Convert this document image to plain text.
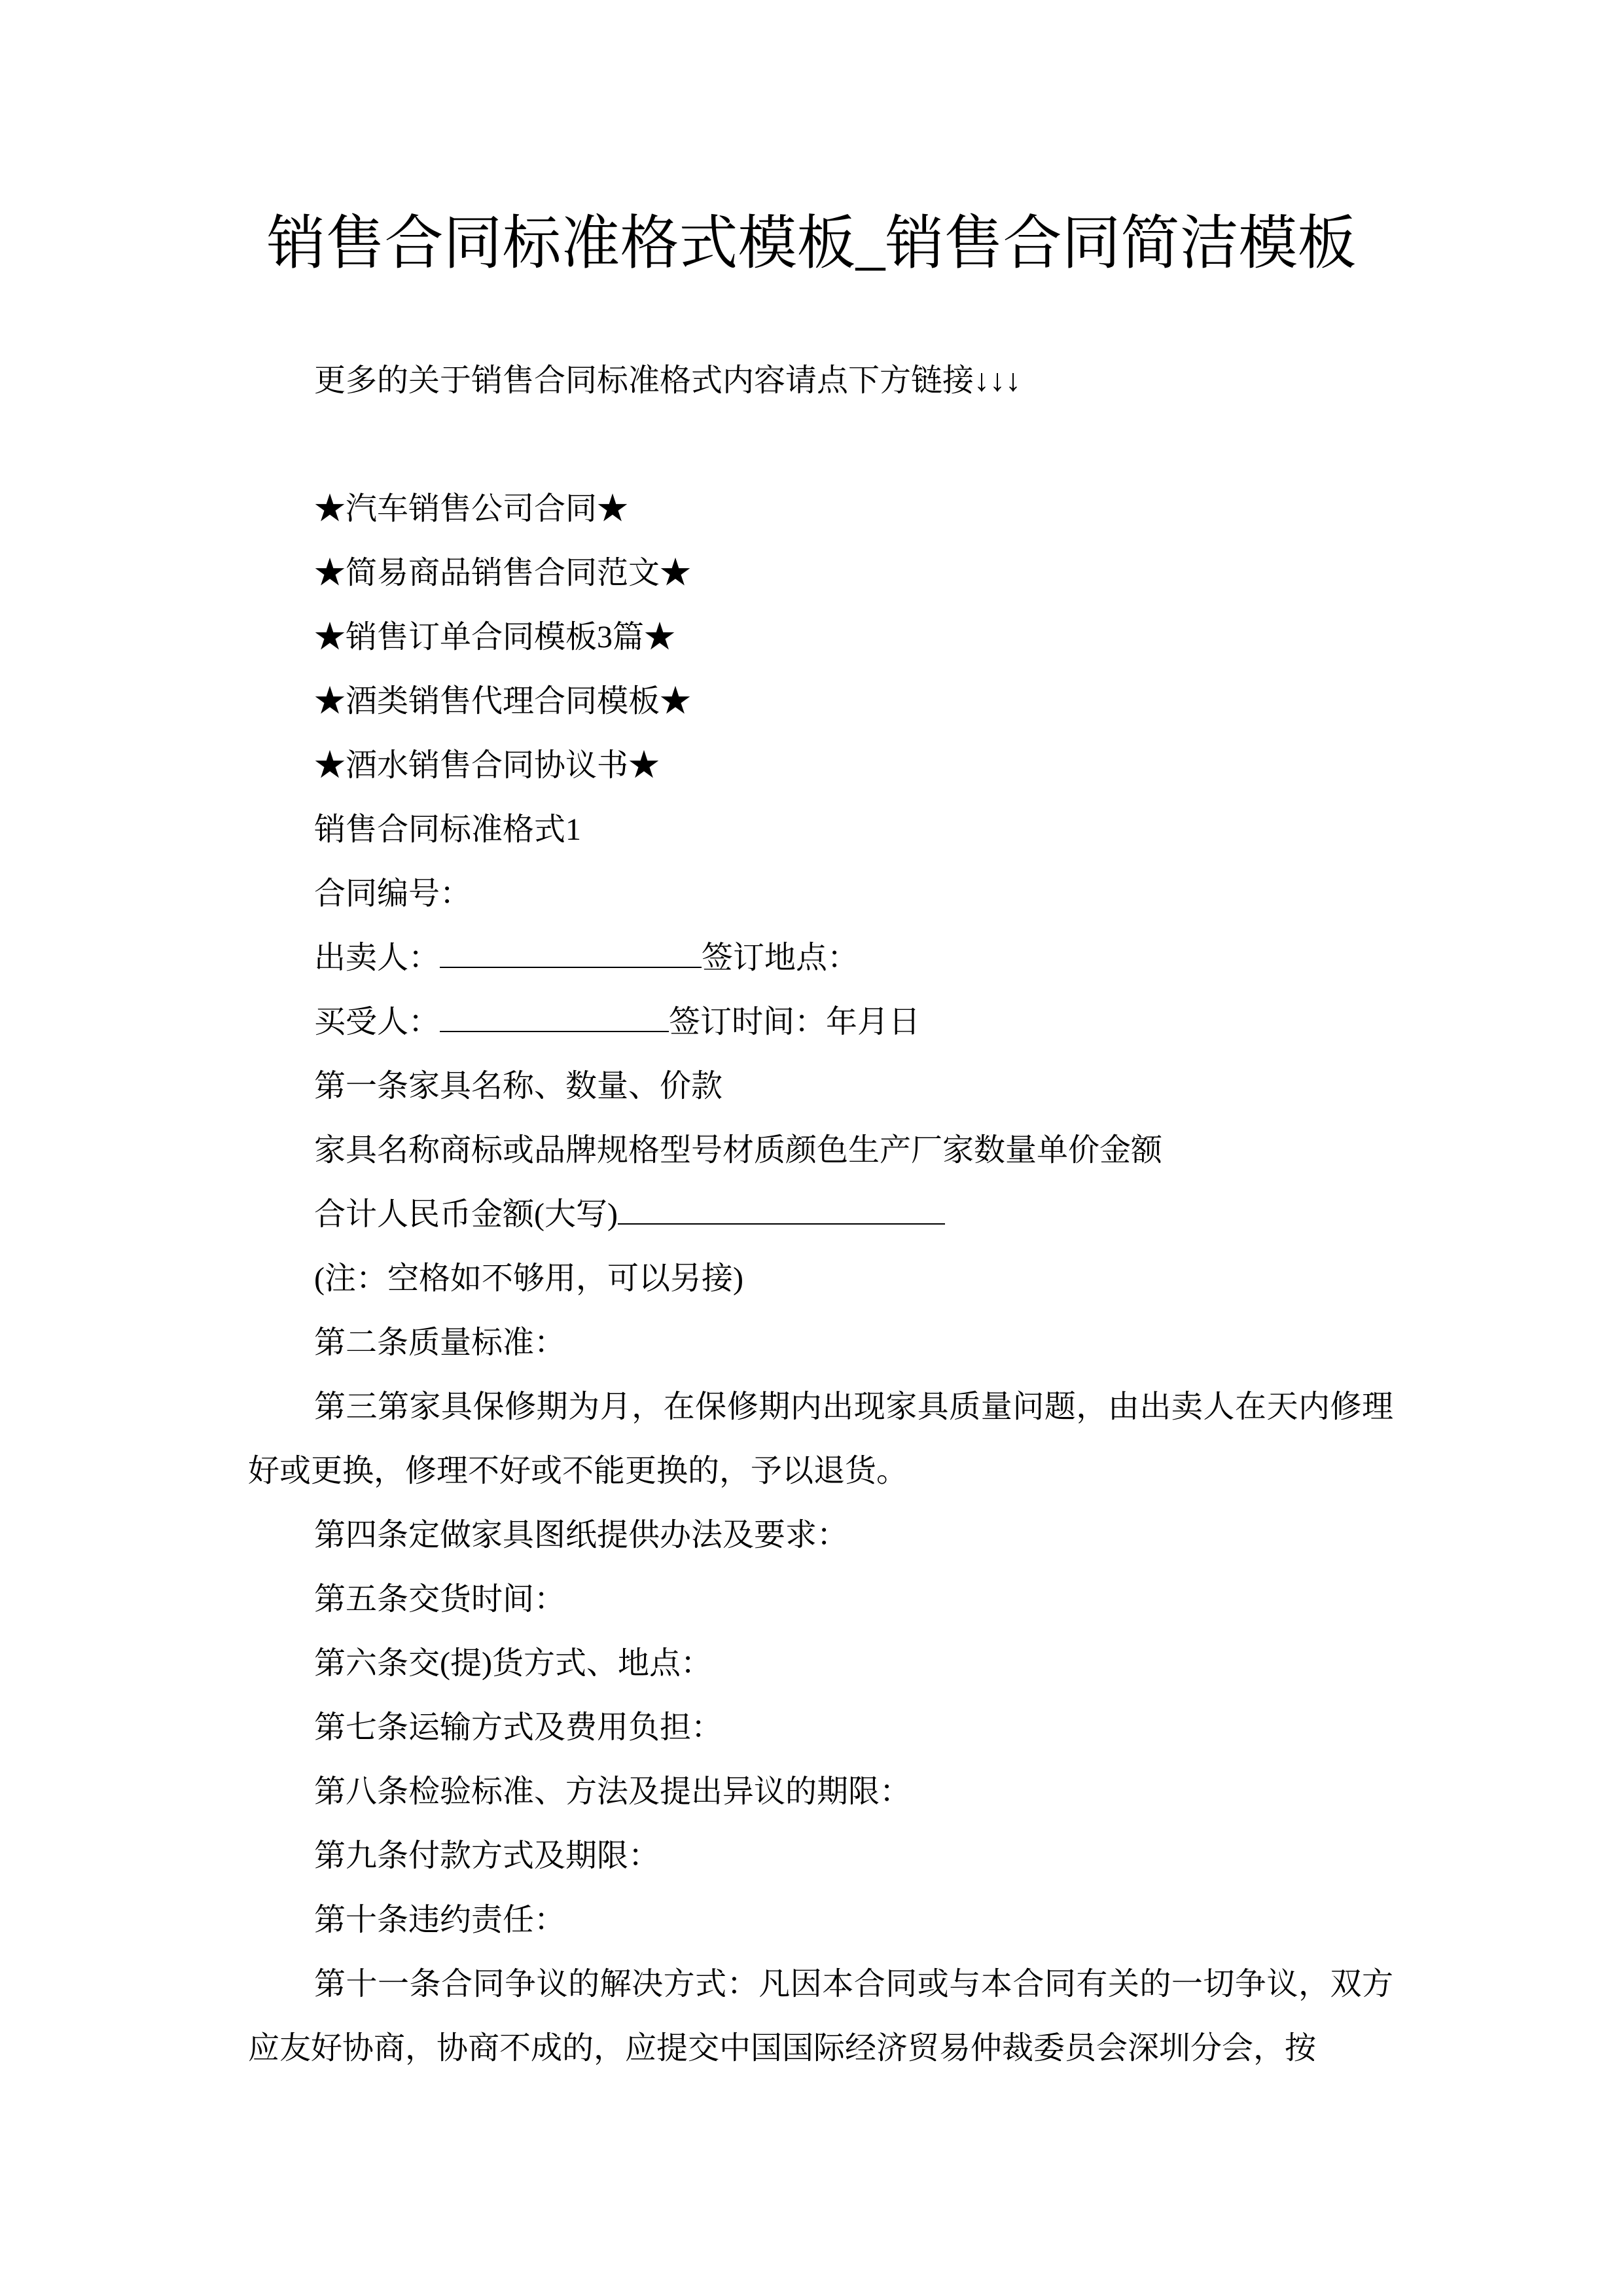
销售合同标准格式模板_销售合同简洁模板

更多的关于销售合同标准格式内容请点下方链接↓↓↓

★汽车销售公司合同★

★简易商品销售合同范文★

★销售订单合同模板3篇★

★酒类销售代理合同模板★

★酒水销售合同协议书★

销售合同标准格式1

合同编号：

出卖人：	签订地点：

买受人：	签订时间：年月日

第一条家具名称、数量、价款

家具名称商标或品牌规格型号材质颜色生产厂家数量单价金额

合计人民币金额(大写)

(注：空格如不够用，可以另接)

第二条质量标准：

第三第家具保修期为月，在保修期内出现家具质量问题，由出卖人在天内修理好或更换，修理不好或不能更换的，予以退货。

第四条定做家具图纸提供办法及要求：

第五条交货时间：

第六条交(提)货方式、地点：

第七条运输方式及费用负担：

第八条检验标准、方法及提出异议的期限：

第九条付款方式及期限：

第十条违约责任：

第十一条合同争议的解决方式：凡因本合同或与本合同有关的一切争议，双方应友好协商，协商不成的，应提交中国国际经济贸易仲裁委员会深圳分会，按
